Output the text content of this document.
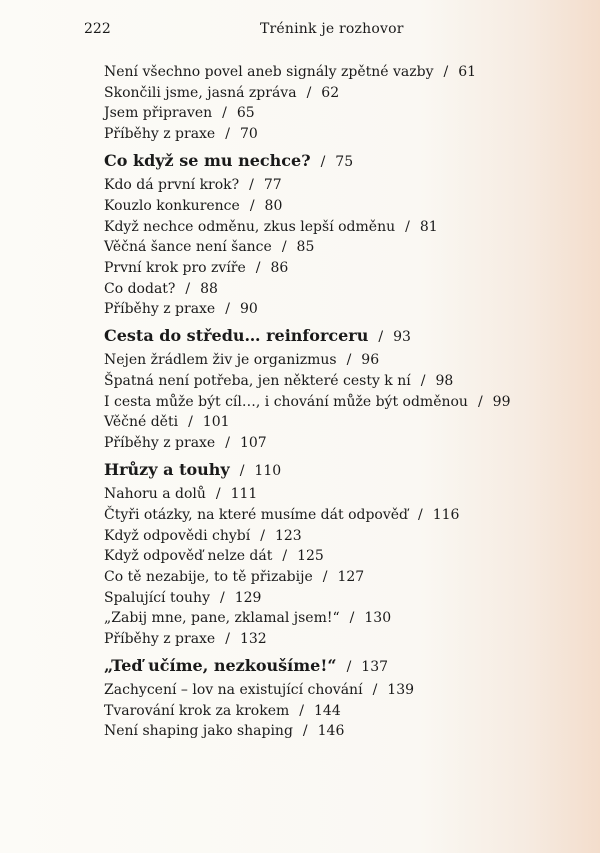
222	Trénink je rozhovor
Není všechno povel aneb signály zpětné vazby / 61
Skončili jsme, jasná zpráva / 62
Jsem připraven / 65
Příběhy z praxe / 70
Co když se mu nechce? / 75
Kdo dá první krok? / 77
Kouzlo konkurence / 80
Když nechce odměnu, zkus lepší odměnu / 81
Věčná šance není šance / 85
První krok pro zvíře / 86
Co dodat? / 88
Příběhy z praxe / 90
Cesta do středu… reinforceru / 93
Nejen žrádlem živ je organizmus / 96
Špatná není potřeba, jen některé cesty k ní / 98
I cesta může být cíl…, i chování může být odměnou / 99
Věčné děti / 101
Příběhy z praxe / 107
Hrůzy a touhy / 110
Nahoru a dolů / 111
Čtyři otázky, na které musíme dát odpověď / 116
Když odpovědi chybí / 123
Když odpověď nelze dát / 125
Co tě nezabije, to tě přizabije / 127
Spalující touhy / 129
„Zabij mne, pane, zklamal jsem!“ / 130
Příběhy z praxe / 132
„Teď učíme, nezkoušíme!“ / 137
Zachycení – lov na existující chování / 139
Tvarování krok za krokem / 144
Není shaping jako shaping / 146
